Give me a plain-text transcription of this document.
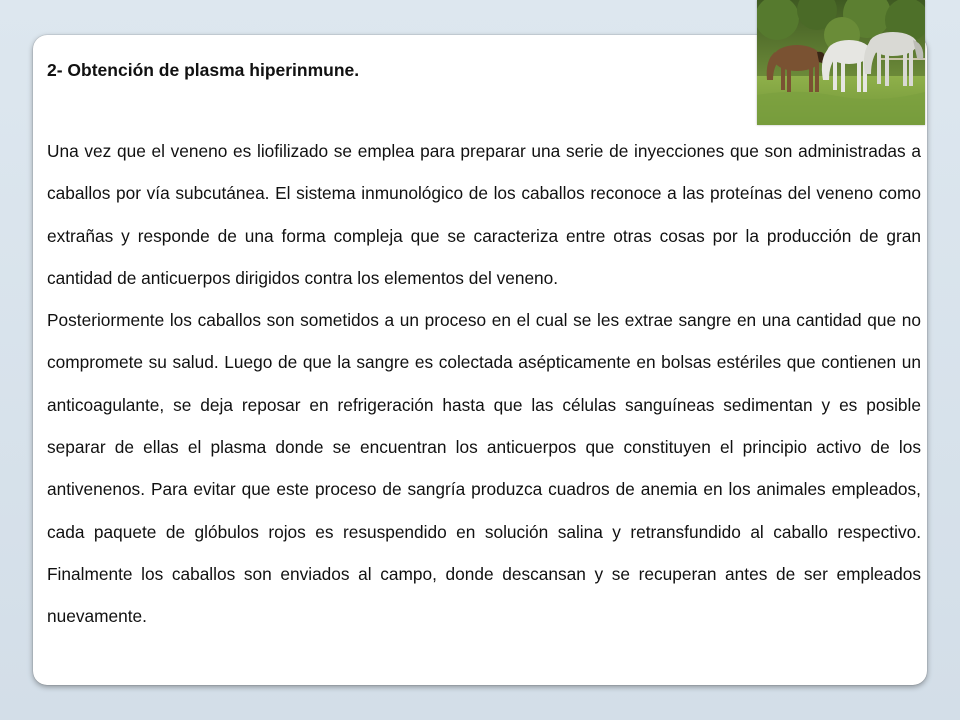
2- Obtención de plasma hiperinmune.

Una vez que el veneno es liofilizado se emplea para preparar una serie de inyecciones que son administradas a caballos por vía subcutánea. El sistema inmunológico de los caballos reconoce a las proteínas del veneno como extrañas y responde de una forma compleja que se caracteriza entre otras cosas por la producción de gran cantidad de anticuerpos dirigidos contra los elementos del veneno.

Posteriormente los caballos son sometidos a un proceso en el cual se les extrae sangre en una cantidad que no compromete su salud. Luego de que la sangre es colectada asépticamente en bolsas estériles que contienen un anticoagulante, se deja reposar en refrigeración hasta que las células sanguíneas sedimentan y es posible separar de ellas el plasma donde se encuentran los anticuerpos que constituyen el principio activo de los antivenenos. Para evitar que este proceso de sangría produzca cuadros de anemia en los animales empleados, cada paquete de glóbulos rojos es resuspendido en solución salina y retransfundido al caballo respectivo. Finalmente los caballos son enviados al campo, donde descansan y se recuperan antes de ser empleados nuevamente.
